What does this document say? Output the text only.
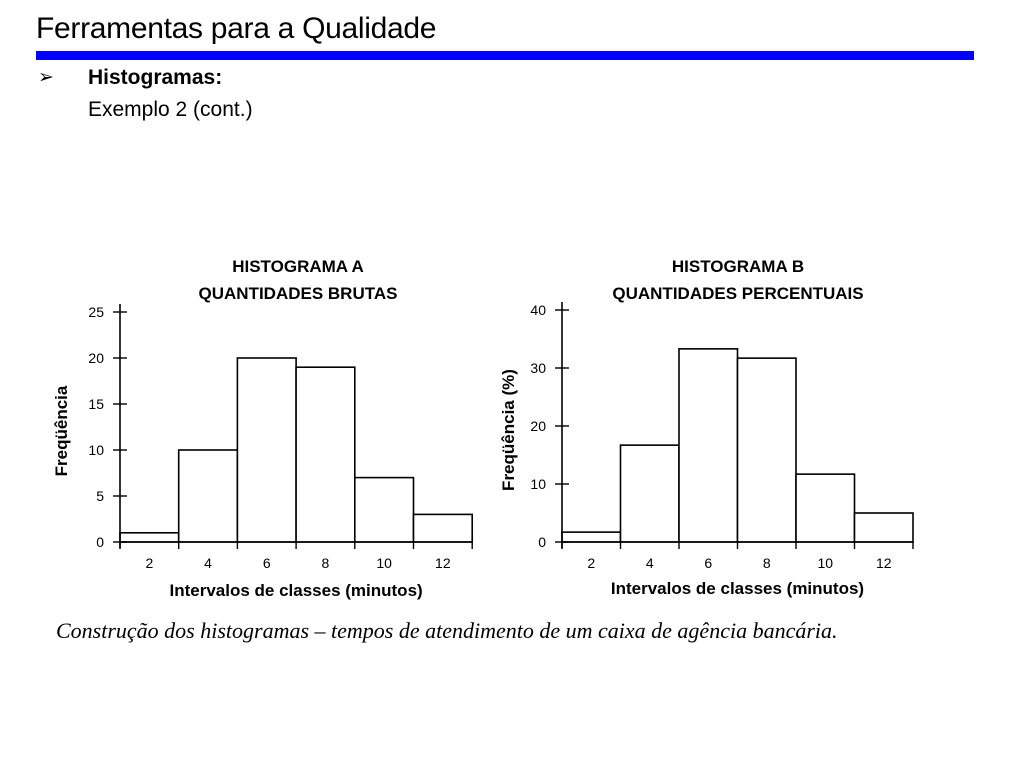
Ferramentas para a Qualidade
➢ Histogramas:
Exemplo 2 (cont.)
HISTOGRAMA A
QUANTIDADES BRUTAS
0
5
10
15
20
25
2	4	6	8	10	12
Intervalos de classes (minutos)
Freqüência
HISTOGRAMA B
QUANTIDADES PERCENTUAIS
0
10
20
30
40
2	4	6	8	10	12
Intervalos de classes (minutos)
Freqüência (%)
Construção dos histogramas – tempos de atendimento de um caixa de agência bancária.
